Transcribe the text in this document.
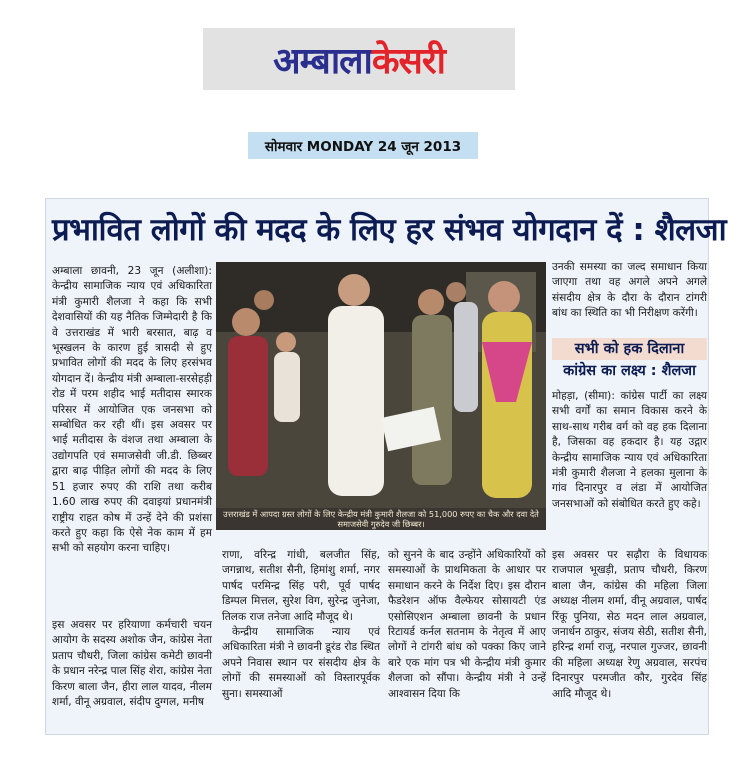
अम्बाला केसरी
सोमवार MONDAY 24 जून 2013
प्रभावित लोगों की मदद के लिए हर संभव योगदान दें : शैलजा

अम्बाला छावनी, 23 जून (अलीशा): केन्द्रीय सामाजिक न्याय एवं अधिकारिता मंत्री कुमारी शैलजा ने कहा कि सभी देशवासियों की यह नैतिक जिम्मेदारी है कि वे उत्तराखंड में भारी बरसात, बाढ़ व भूस्खलन के कारण हुई त्रासदी से हुए प्रभावित लोगों की मदद के लिए हरसंभव योगदान दें। केन्द्रीय मंत्री अम्बाला-सरसेहड़ी रोड में परम शहीद भाई मतीदास स्मारक परिसर में आयोजित एक जनसभा को सम्बोधित कर रही थीं। इस अवसर पर भाई मतीदास के वंशज तथा अम्बाला के उद्योगपति एवं समाजसेवी जी.डी. छिब्बर द्वारा बाढ़ पीड़ित लोगों की मदद के लिए 51 हजार रुपए की राशि तथा करीब 1.60 लाख रुपए की दवाइयां प्रधानमंत्री राष्ट्रीय राहत कोष में उन्हें देने की प्रशंसा करते हुए कहा कि ऐसे नेक काम में हम सभी को सहयोग करना चाहिए।

इस अवसर पर हरियाणा कर्मचारी चयन आयोग के सदस्य अशोक जैन, कांग्रेस नेता प्रताप चौधरी, जिला कांग्रेस कमेटी छावनी के प्रधान नरेन्द्र पाल सिंह शेरा, कांग्रेस नेता किरण बाला जैन, हीरा लाल यादव, नीलम शर्मा, वीनू अग्रवाल, संदीप दुग्गल, मनीष

उत्तराखंड में आपदा ग्रस्त लोगों के लिए केन्द्रीय मंत्री कुमारी शैलजा को 51,000 रुपए का चैक और दवा देते समाजसेवी गुरुदेव जी छिब्बर।

राणा, वरिन्द्र गांधी, बलजीत सिंह, जगन्नाथ, सतीश सैनी, हिमांशु शर्मा, नगर पार्षद परमिन्द्र सिंह परी, पूर्व पार्षद डिम्पल मित्तल, सुरेश विग, सुरेन्द्र जुनेजा, तिलक राज तनेजा आदि मौजूद थे।

केन्द्रीय सामाजिक न्याय एवं अधिकारिता मंत्री ने छावनी डूरंड रोड स्थित अपने निवास स्थान पर संसदीय क्षेत्र के लोगों की समस्याओं को विस्तारपूर्वक सुना। समस्याओं

को सुनने के बाद उन्होंने अधिकारियों को समस्याओं के प्राथमिकता के आधार पर समाधान करने के निर्देश दिए। इस दौरान फैडरेशन ऑफ वैल्फेयर सोसायटी एंड एसोसिएशन अम्बाला छावनी के प्रधान रिटायर्ड कर्नल सतनाम के नेतृत्व में आए लोगों ने टांगरी बांध को पक्का किए जाने बारे एक मांग पत्र भी केन्द्रीय मंत्री कुमार शैलजा को सौंपा। केन्द्रीय मंत्री ने उन्हें आश्वासन दिया कि

उनकी समस्या का जल्द समाधान किया जाएगा तथा वह अगले अपने अगले संसदीय क्षेत्र के दौरा के दौरान टांगरी बांध का स्थिति का भी निरीक्षण करेंगी।

सभी को हक दिलाना
कांग्रेस का लक्ष्य : शैलजा

मोहड़ा, (सीमा): कांग्रेस पार्टी का लक्ष्य सभी वर्गों का समान विकास करने के साथ-साथ गरीब वर्ग को वह हक दिलाना है, जिसका वह हकदार है। यह उद्गार केन्द्रीय सामाजिक न्याय एवं अधिकारिता मंत्री कुमारी शैलजा ने हलका मुलाना के गांव दिनारपुर व लंडा में आयोजित जनसभाओं को संबोधित करते हुए कहे।

इस अवसर पर सढ़ौरा के विधायक राजपाल भूखड़ी, प्रताप चौधरी, किरण बाला जैन, कांग्रेस की महिला जिला अध्यक्ष नीलम शर्मा, वीनू अग्रवाल, पार्षद रिंकू पुनिया, सेठ मदन लाल अग्रवाल, जनार्धन ठाकुर, संजय सेठी, सतीश सैनी, हरिन्द्र शर्मा राजू, नरपाल गुज्जर, छावनी की महिला अध्यक्ष रेणु अग्रवाल, सरपंच दिनारपुर परमजीत कौर, गुरदेव सिंह आदि मौजूद थे।
